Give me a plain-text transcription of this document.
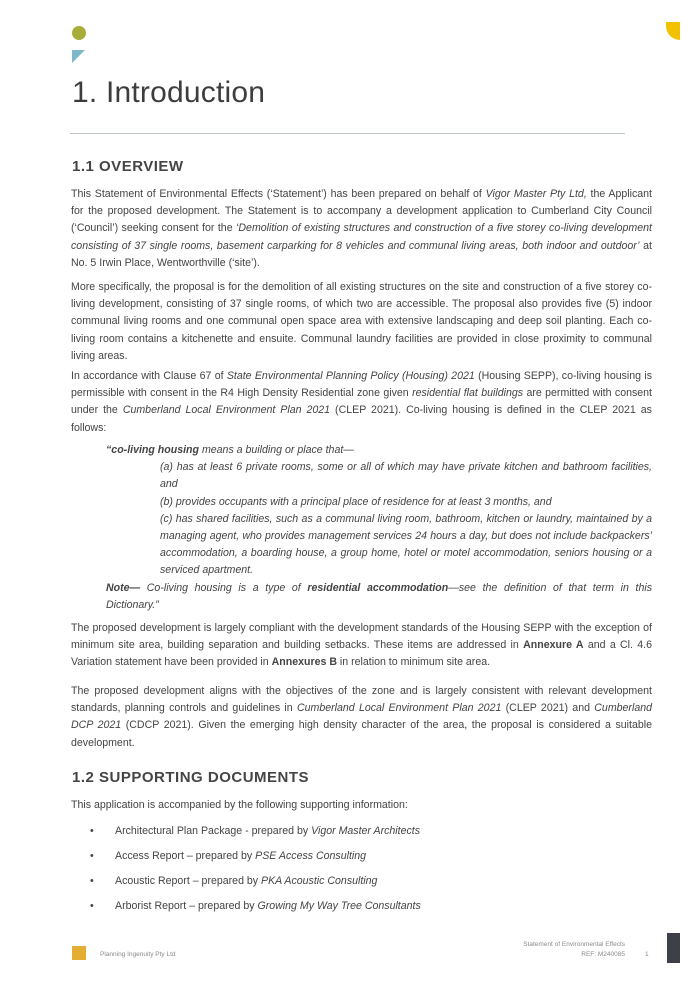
1. Introduction
1.1 OVERVIEW

This Statement of Environmental Effects (‘Statement’) has been prepared on behalf of Vigor Master Pty Ltd, the Applicant for the proposed development. The Statement is to accompany a development application to Cumberland City Council (‘Council’) seeking consent for the ‘Demolition of existing structures and construction of a five storey co-living development consisting of 37 single rooms, basement carparking for 8 vehicles and communal living areas, both indoor and outdoor’ at No. 5 Irwin Place, Wentworthville (‘site’).

More specifically, the proposal is for the demolition of all existing structures on the site and construction of a five storey co-living development, consisting of 37 single rooms, of which two are accessible. The proposal also provides five (5) indoor communal living rooms and one communal open space area with extensive landscaping and deep soil planting. Each co-living room contains a kitchenette and ensuite. Communal laundry facilities are provided in close proximity to communal living areas.

In accordance with Clause 67 of State Environmental Planning Policy (Housing) 2021 (Housing SEPP), co-living housing is permissible with consent in the R4 High Density Residential zone given residential flat buildings are permitted with consent under the Cumberland Local Environment Plan 2021 (CLEP 2021). Co-living housing is defined in the CLEP 2021 as follows:

“co-living housing means a building or place that—
(a) has at least 6 private rooms, some or all of which may have private kitchen and bathroom facilities, and
(b) provides occupants with a principal place of residence for at least 3 months, and
(c) has shared facilities, such as a communal living room, bathroom, kitchen or laundry, maintained by a managing agent, who provides management services 24 hours a day, but does not include backpackers’ accommodation, a boarding house, a group home, hotel or motel accommodation, seniors housing or a serviced apartment.
Note— Co-living housing is a type of residential accommodation—see the definition of that term in this Dictionary.”

The proposed development is largely compliant with the development standards of the Housing SEPP with the exception of minimum site area, building separation and building setbacks. These items are addressed in Annexure A and a Cl. 4.6 Variation statement have been provided in Annexures B in relation to minimum site area.

The proposed development aligns with the objectives of the zone and is largely consistent with relevant development standards, planning controls and guidelines in Cumberland Local Environment Plan 2021 (CLEP 2021) and Cumberland DCP 2021 (CDCP 2021). Given the emerging high density character of the area, the proposal is considered a suitable development.

1.2 SUPPORTING DOCUMENTS

This application is accompanied by the following supporting information:

• Architectural Plan Package - prepared by Vigor Master Architects
• Access Report – prepared by PSE Access Consulting
• Acoustic Report – prepared by PKA Acoustic Consulting
• Arborist Report – prepared by Growing My Way Tree Consultants
Planning Ingenuity Pty Ltd
Statement of Environmental Effects
REF: M240085	1
